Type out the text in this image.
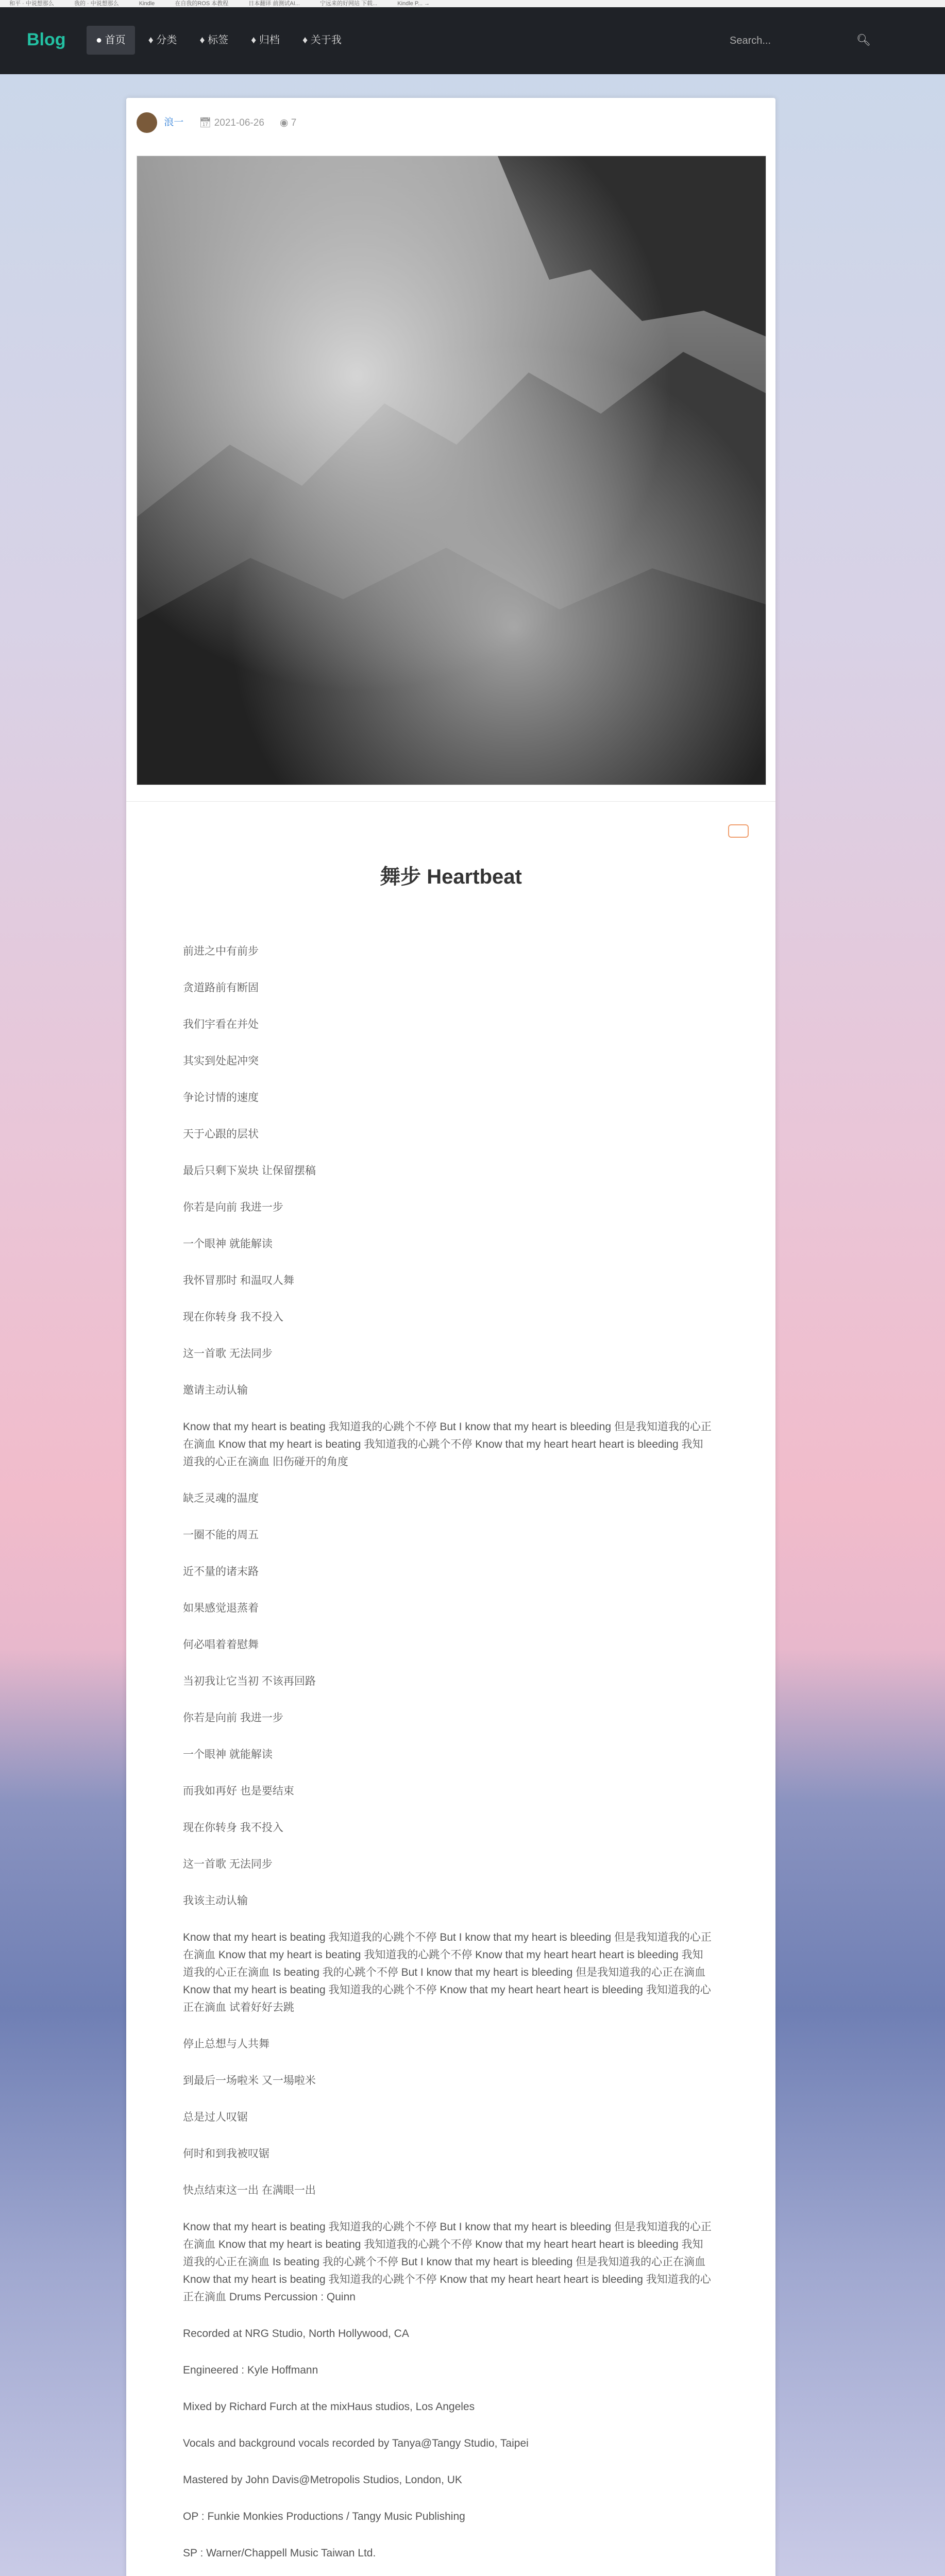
和平 · 中说想那么	我的 · 中说想那么	Kindle	在自我的ROS 本教程	日本翻译 前测试AI...	宁远来的好网站 下载...	Kindle P... →
Blog	● 首页	♦ 分类	♦ 标签	♦ 归档	♦ 关于我
Search...	🔍︎
浪一 📅︎ 2021-06-26 ◉ 7
舞步 Heartbeat

前进之中有前步

贪道路前有断固

我们宇看在并处

其实到处起冲突

争论讨情的速度

天于心跟的层状

最后只剩下炭块 让保留摆稿

你若是向前 我进一步

一个眼神 就能解读

我怀冒那时 和温叹人舞

现在你转身 我不投入

这一首歌 无法同步

邀请主动认输

Know that my heart is beating 我知道我的心跳个不停 But I know that my heart is bleeding 但是我知道我的心正在滴血 Know that my heart is beating 我知道我的心跳个不停 Know that my heart heart heart is bleeding 我知道我的心正在滴血 旧伤碰开的角度

缺乏灵魂的温度

一圈不能的周五

近不量的诸末路

如果感觉退蒸着

何必唱着着慰舞

当初我让它当初 不该再回路

你若是向前 我进一步

一个眼神 就能解读

而我如再好 也是要结束

现在你转身 我不投入

这一首歌 无法同步

我该主动认输

Know that my heart is beating 我知道我的心跳个不停 But I know that my heart is bleeding 但是我知道我的心正在滴血 Know that my heart is beating 我知道我的心跳个不停 Know that my heart heart heart is bleeding 我知道我的心正在滴血 Is beating 我的心跳个不停 But I know that my heart is bleeding 但是我知道我的心正在滴血 Know that my heart is beating 我知道我的心跳个不停 Know that my heart heart heart is bleeding 我知道我的心正在滴血 试着好好去跳

停止总想与人共舞

到最后一场啦米 又一場啦米

总是过人叹锯

何时和到我被叹锯

快点结束这一出 在满眼一出

Know that my heart is beating 我知道我的心跳个不停 But I know that my heart is bleeding 但是我知道我的心正在滴血 Know that my heart is beating 我知道我的心跳个不停 Know that my heart heart heart is bleeding 我知道我的心正在滴血 Is beating 我的心跳个不停 But I know that my heart is bleeding 但是我知道我的心正在滴血 Know that my heart is beating 我知道我的心跳个不停 Know that my heart heart heart is bleeding 我知道我的心正在滴血 Drums Percussion : Quinn

Recorded at NRG Studio, North Hollywood, CA

Engineered : Kyle Hoffmann

Mixed by Richard Furch at the mixHaus studios, Los Angeles

Vocals and background vocals recorded by Tanya@Tangy Studio, Taipei

Mastered by John Davis@Metropolis Studios, London, UK

OP : Funkie Monkies Productions / Tangy Music Publishing

SP : Warner/Chappell Music Taiwan Ltd.
